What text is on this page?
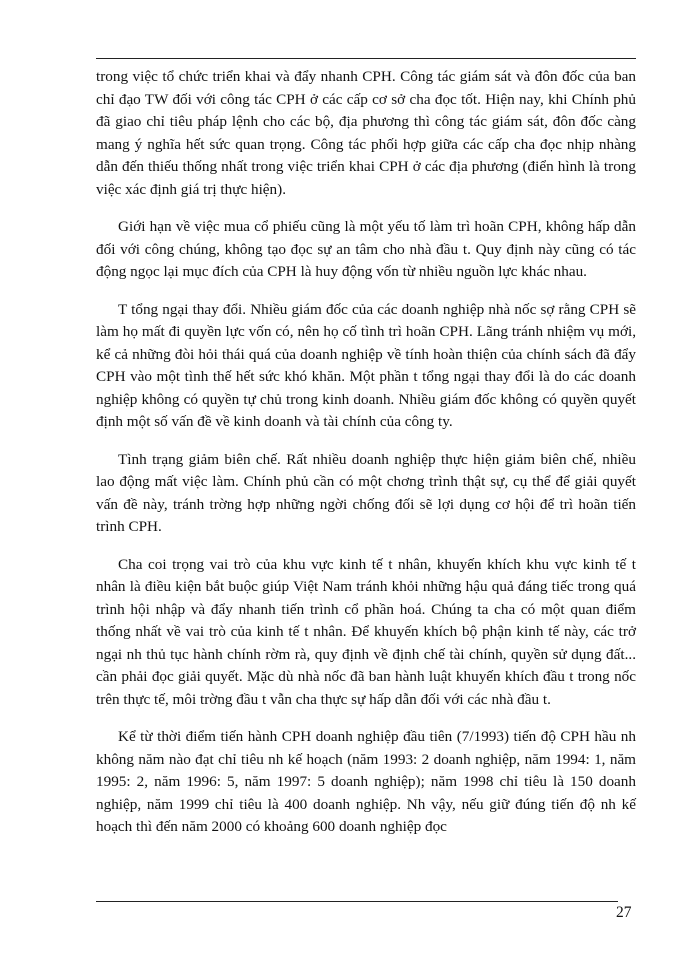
trong việc tổ chức triển khai và đẩy nhanh CPH. Công tác giám sát và đôn đốc của ban chỉ đạo TW đối với công tác CPH ở các cấp cơ sở cha đọc tốt. Hiện nay, khi Chính phủ đã giao chỉ tiêu pháp lệnh cho các bộ, địa phương thì công tác giám sát, đôn đốc càng mang ý nghĩa hết sức quan trọng. Công tác phối hợp giữa các cấp cha đọc nhịp nhàng dẫn đến thiếu thống nhất trong việc triển khai CPH ở các địa phương (điển hình là trong việc xác định giá trị thực hiện).

Giới hạn về việc mua cổ phiếu cũng là một yếu tố làm trì hoãn CPH, không hấp dẫn đối với công chúng, không tạo đọc sự an tâm cho nhà đầu t. Quy định này cũng có tác động ngọc lại mục đích của CPH là huy động vốn từ nhiều nguồn lực khác nhau.

T tổng ngại thay đổi. Nhiều giám đốc của các doanh nghiệp nhà nốc sợ rằng CPH sẽ làm họ mất đi quyền lực vốn có, nên họ cố tình trì hoãn CPH. Lãng tránh nhiệm vụ mới, kể cả những đòi hỏi thái quá của doanh nghiệp về tính hoàn thiện của chính sách đã đẩy CPH vào một tình thế hết sức khó khăn. Một phần t tổng ngại thay đổi là do các doanh nghiệp không có quyền tự chủ trong kinh doanh. Nhiều giám đốc không có quyền quyết định một số vấn đề về kinh doanh và tài chính của công ty.

Tình trạng giảm biên chế. Rất nhiều doanh nghiệp thực hiện giảm biên chế, nhiều lao động mất việc làm. Chính phủ cần có một chơng trình thật sự, cụ thể để giải quyết vấn đề này, tránh trờng hợp những ngời chống đối sẽ lợi dụng cơ hội để trì hoãn tiến trình CPH.

Cha coi trọng vai trò của khu vực kinh tế t nhân, khuyến khích khu vực kinh tế t nhân là điều kiện bắt buộc giúp Việt Nam tránh khỏi những hậu quả đáng tiếc trong quá trình hội nhập và đẩy nhanh tiến trình cổ phần hoá. Chúng ta cha có một quan điểm thống nhất về vai trò của kinh tế t nhân. Để khuyến khích bộ phận kinh tế này, các trở ngại nh thủ tục hành chính rờm rà, quy định về định chế tài chính, quyền sử dụng đất... cần phải đọc giải quyết. Mặc dù nhà nốc đã ban hành luật khuyến khích đầu t trong nốc trên thực tế, môi trờng đầu t vẫn cha thực sự hấp dẫn đối với các nhà đầu t.

Kể từ thời điểm tiến hành CPH doanh nghiệp đầu tiên (7/1993) tiến độ CPH hầu nh không năm nào đạt chỉ tiêu nh kế hoạch (năm 1993: 2 doanh nghiệp, năm 1994: 1, năm 1995: 2, năm 1996: 5, năm 1997: 5 doanh nghiệp); năm 1998 chỉ tiêu là 150 doanh nghiệp, năm 1999 chỉ tiêu là 400 doanh nghiệp. Nh vậy, nếu giữ đúng tiến độ nh kế hoạch thì đến năm 2000 có khoảng 600 doanh nghiệp đọc

27
